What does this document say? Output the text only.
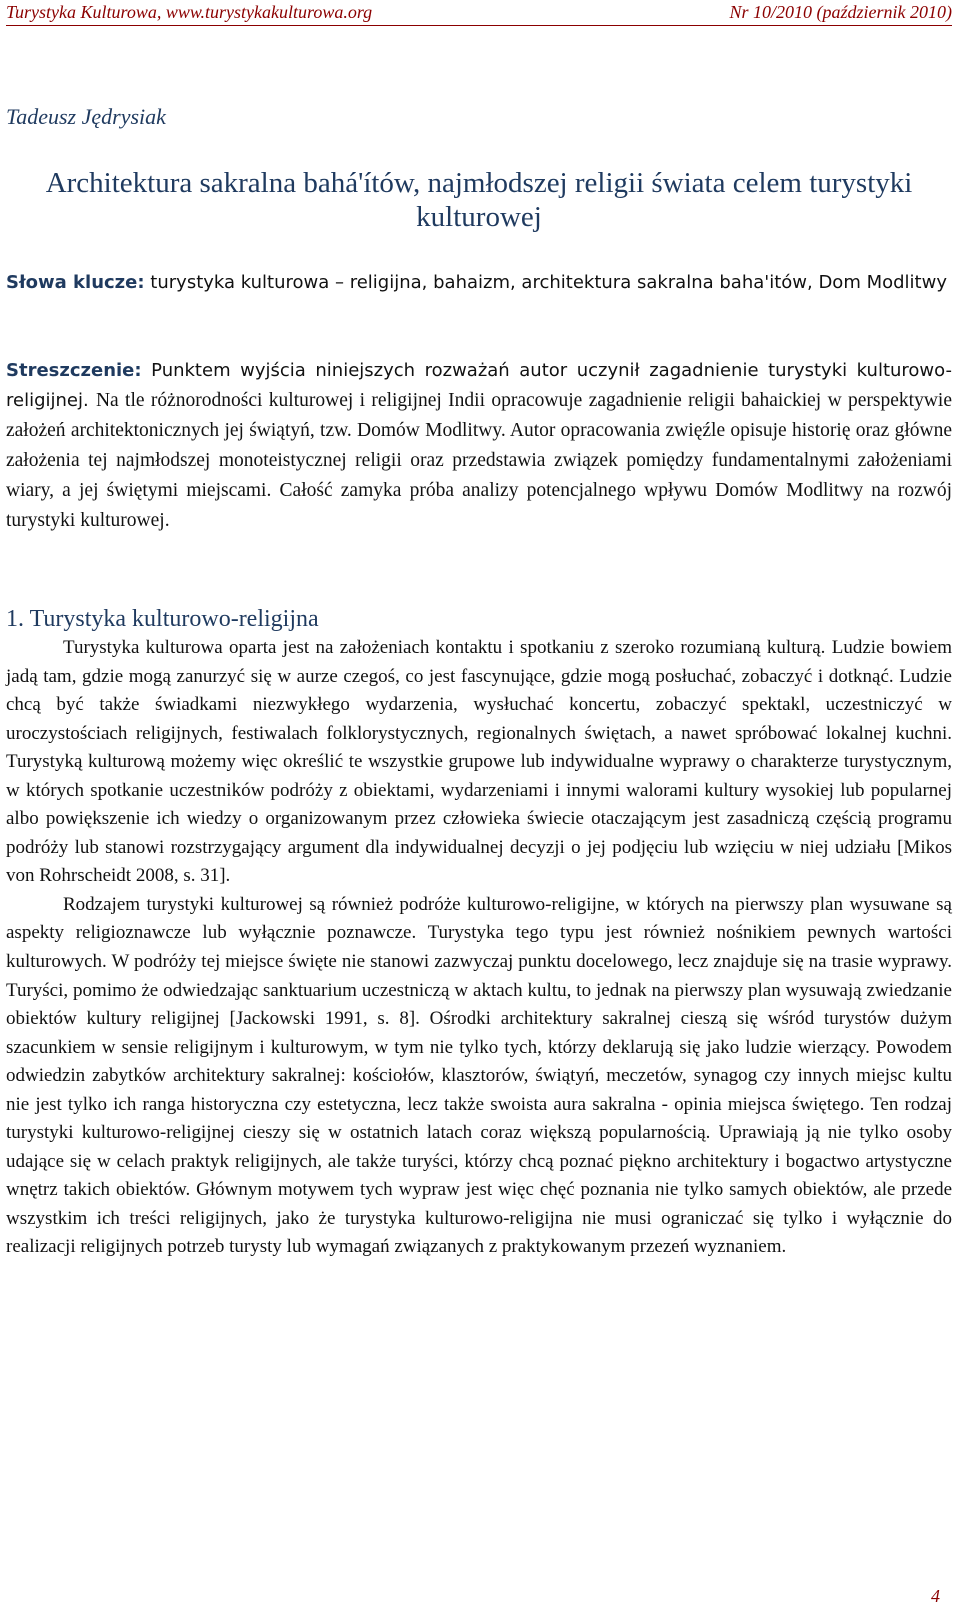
Turystyka Kulturowa, www.turystykakulturowa.org	Nr 10/2010 (październik 2010)
Tadeusz Jędrysiak
Architektura sakralna bahá'ítów, najmłodszej religii świata celem turystyki kulturowej
Słowa klucze: turystyka kulturowa – religijna, bahaizm, architektura sakralna baha'itów, Dom Modlitwy
Streszczenie: Punktem wyjścia niniejszych rozważań autor uczynił zagadnienie turystyki kulturowo-religijnej. Na tle różnorodności kulturowej i religijnej Indii opracowuje zagadnienie religii bahaickiej w perspektywie założeń architektonicznych jej świątyń, tzw. Domów Modlitwy. Autor opracowania zwięźle opisuje historię oraz główne założenia tej najmłodszej monoteistycznej religii oraz przedstawia związek pomiędzy fundamentalnymi założeniami wiary, a jej świętymi miejscami. Całość zamyka próba analizy potencjalnego wpływu Domów Modlitwy na rozwój turystyki kulturowej.
1. Turystyka kulturowo-religijna

Turystyka kulturowa oparta jest na założeniach kontaktu i spotkaniu z szeroko rozumianą kulturą. Ludzie bowiem jadą tam, gdzie mogą zanurzyć się w aurze czegoś, co jest fascynujące, gdzie mogą posłuchać, zobaczyć i dotknąć. Ludzie chcą być także świadkami niezwykłego wydarzenia, wysłuchać koncertu, zobaczyć spektakl, uczestniczyć w uroczystościach religijnych, festiwalach folklorystycznych, regionalnych świętach, a nawet spróbować lokalnej kuchni. Turystyką kulturową możemy więc określić te wszystkie grupowe lub indywidualne wyprawy o charakterze turystycznym, w których spotkanie uczestników podróży z obiektami, wydarzeniami i innymi walorami kultury wysokiej lub popularnej albo powiększenie ich wiedzy o organizowanym przez człowieka świecie otaczającym jest zasadniczą częścią programu podróży lub stanowi rozstrzygający argument dla indywidualnej decyzji o jej podjęciu lub wzięciu w niej udziału [Mikos von Rohrscheidt 2008, s. 31].

Rodzajem turystyki kulturowej są również podróże kulturowo-religijne, w których na pierwszy plan wysuwane są aspekty religioznawcze lub wyłącznie poznawcze. Turystyka tego typu jest również nośnikiem pewnych wartości kulturowych. W podróży tej miejsce święte nie stanowi zazwyczaj punktu docelowego, lecz znajduje się na trasie wyprawy. Turyści, pomimo że odwiedzając sanktuarium uczestniczą w aktach kultu, to jednak na pierwszy plan wysuwają zwiedzanie obiektów kultury religijnej [Jackowski 1991, s. 8]. Ośrodki architektury sakralnej cieszą się wśród turystów dużym szacunkiem w sensie religijnym i kulturowym, w tym nie tylko tych, którzy deklarują się jako ludzie wierzący. Powodem odwiedzin zabytków architektury sakralnej: kościołów, klasztorów, świątyń, meczetów, synagog czy innych miejsc kultu nie jest tylko ich ranga historyczna czy estetyczna, lecz także swoista aura sakralna - opinia miejsca świętego. Ten rodzaj turystyki kulturowo-religijnej cieszy się w ostatnich latach coraz większą popularnością. Uprawiają ją nie tylko osoby udające się w celach praktyk religijnych, ale także turyści, którzy chcą poznać piękno architektury i bogactwo artystyczne wnętrz takich obiektów. Głównym motywem tych wypraw jest więc chęć poznania nie tylko samych obiektów, ale przede wszystkim ich treści religijnych, jako że turystyka kulturowo-religijna nie musi ograniczać się tylko i wyłącznie do realizacji religijnych potrzeb turysty lub wymagań związanych z praktykowanym przezeń wyznaniem.

4
